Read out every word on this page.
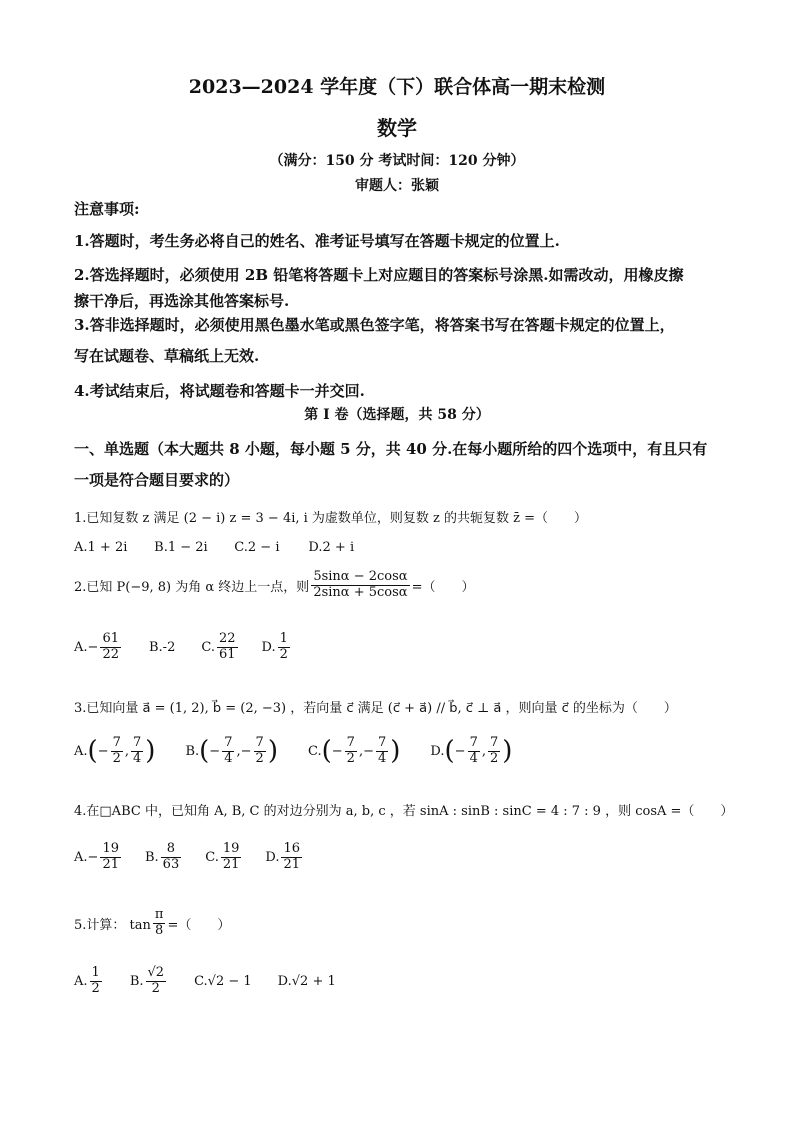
2023—2024 学年度（下）联合体高一期末检测
数学
（满分：150 分 考试时间：120 分钟）
审题人：张颖
注意事项:
1.答题时，考生务必将自己的姓名、准考证号填写在答题卡规定的位置上.
2.答选择题时，必须使用 2B 铅笔将答题卡上对应题目的答案标号涂黑.如需改动，用橡皮擦
擦干净后，再选涂其他答案标号.
3.答非选择题时，必须使用黑色墨水笔或黑色签字笔，将答案书写在答题卡规定的位置上，
写在试题卷、草稿纸上无效.
4.考试结束后，将试题卷和答题卡一并交回.
第 I 卷（选择题，共 58 分）
一、单选题（本大题共 8 小题，每小题 5 分，共 40 分.在每小题所给的四个选项中，有且只有
一项是符合题目要求的）
1.已知复数 z 满足 (2 − i) z = 3 − 4i, i 为虚数单位，则复数 z 的共轭复数 z̄ =（　　）
A.1 + 2i B.1 − 2i C.2 − i D.2 + i
2.已知 P(−9, 8) 为角 α 终边上一点，则 $\frac{5\sin\alpha - 2\cos\alpha}{2\sin\alpha + 5\cos\alpha}$ =（　　）
A. − $\frac{61}{22} B.-2$ C. $\frac{22}{61} D$. $\frac{1}{2}$
3.已知向量 a⃗ = (1, 2), b⃗ = (2, −3) ，若向量 c⃗ 满足 (c⃗ + a⃗) // b⃗, c⃗ ⊥ a⃗ ，则向量 c⃗ 的坐标为（　　）
A. ( − $\frac{7}{2}$ , $\frac{7}{4}$ ) B. ( − $\frac{7}{4}$ , − $\frac{7}{2}$ ) C. ( − $\frac{7}{2}$ , − $\frac{7}{4}$ ) D. ( − $\frac{7}{4}$ , $\frac{7}{2}$ )
4.在□ABC 中，已知角 A, B, C 的对边分别为 a, b, c ，若 sinA : sinB : sinC = 4 : 7 : 9 ，则 cosA =（　　）
A. − $\frac{19}{21} B$. $\frac{8}{63} C$. $\frac{19}{21} D$. $\frac{16}{21}$
5.计算： $\tan \frac{\pi}{8}$ =（　　）
A. $\frac{1}{2} B$. $\frac{√2}{2} C.√2 - 1$ D.√2 + 1
